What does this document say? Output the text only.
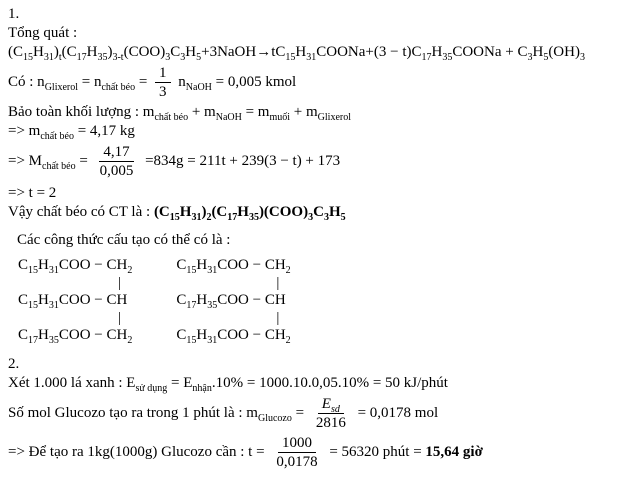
1.
Tổng quát :
$(C_{15}H_{31})_t(C_{17}H_{35})_{3-t}(COO)_3C_3H_5+3NaOH\to tC_{15}H_{31}COONa+(3$ − $t)C_{17}H_{35}COONa + C_3H_5(OH)_3$
Có : $n_{Glixerol} = n_{chất béo} = \frac{1}{3} n_{NaOH} = 0,005$ kmol
Bảo toàn khối lượng : $m_{chất béo} + m_{NaOH} = m_{muối} + m_{Glixerol}$
=> $m_{chất béo} = 4,17$ kg
=> $M_{chất béo} = \frac{4,17}{0,005} =834g = 211t + 239(3 - t) + 173$
=> t = 2
Vậy chất béo có CT là : $(C_{15}H_{31})_2(C_{17}H_{35})(COO)_3C_3H_5$
Các công thức cấu tạo có thể có là :
$C_{15}H_{31}COO - CH_2$
|
$C_{15}H_{31}COO$ − CH
|
$C_{17}H_{35}COO - CH_2$
$C_{15}H_{31}COO - CH_2$
|
$C_{17}H_{35}COO$ − CH
|
$C_{15}H_{31}COO - CH_2$
2.
Xét 1.000 lá xanh : $E_{sử dụng} = E_{nhận}.10\% = 1000.10.0,05.10\% = 50$ kJ/phút
Số mol Glucozo tạo ra trong 1 phút là : $m_{Glucozo} = \frac{E_{sd}}{2816} = 0,0178$ mol
=> Để tạo ra 1kg(1000g) Glucozo cần : $t = \frac{1000}{0,0178} = 56320$ phút = 15,64 giờ
